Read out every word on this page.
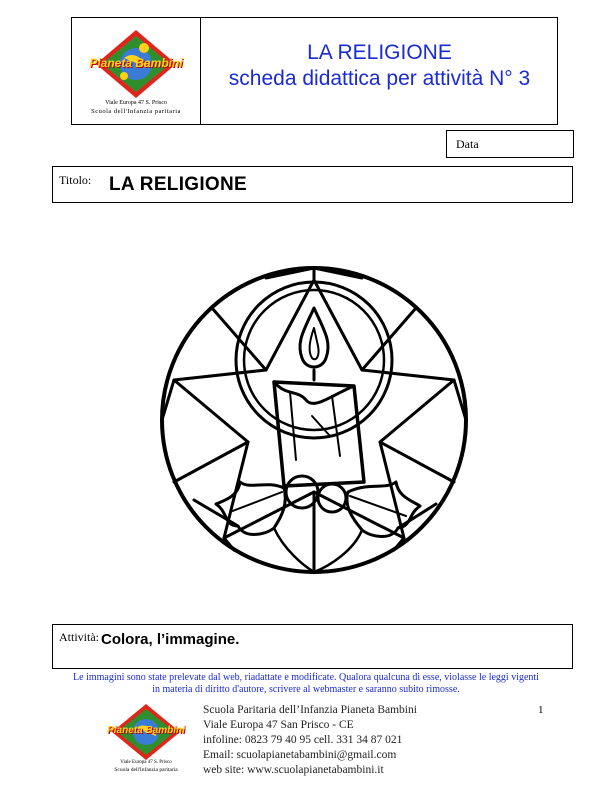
Pianeta Bambini
Viale Europa 47 S. Prisco
Scuola dell'Infanzia paritaria
LA RELIGIONE
scheda didattica per attività N° 3
Data
Titolo: LA RELIGIONE
Attività: Colora, l’immagine.
Le immagini sono state prelevate dal web, riadattate e modificate. Qualora qualcuna di esse, violasse le leggi vigenti
in materia di diritto d'autore, scrivere al webmaster e saranno subito rimosse.
1
Pianeta Bambini
Viale Europa 47 S. Prisco
Scuola dell'Infanzia paritaria
Scuola Paritaria dell’Infanzia Pianeta Bambini
Viale Europa 47 San Prisco - CE
infoline: 0823 79 40 95 cell. 331 34 87 021
Email: scuolapianetabambini@gmail.com
web site: www.scuolapianetabambini.it
